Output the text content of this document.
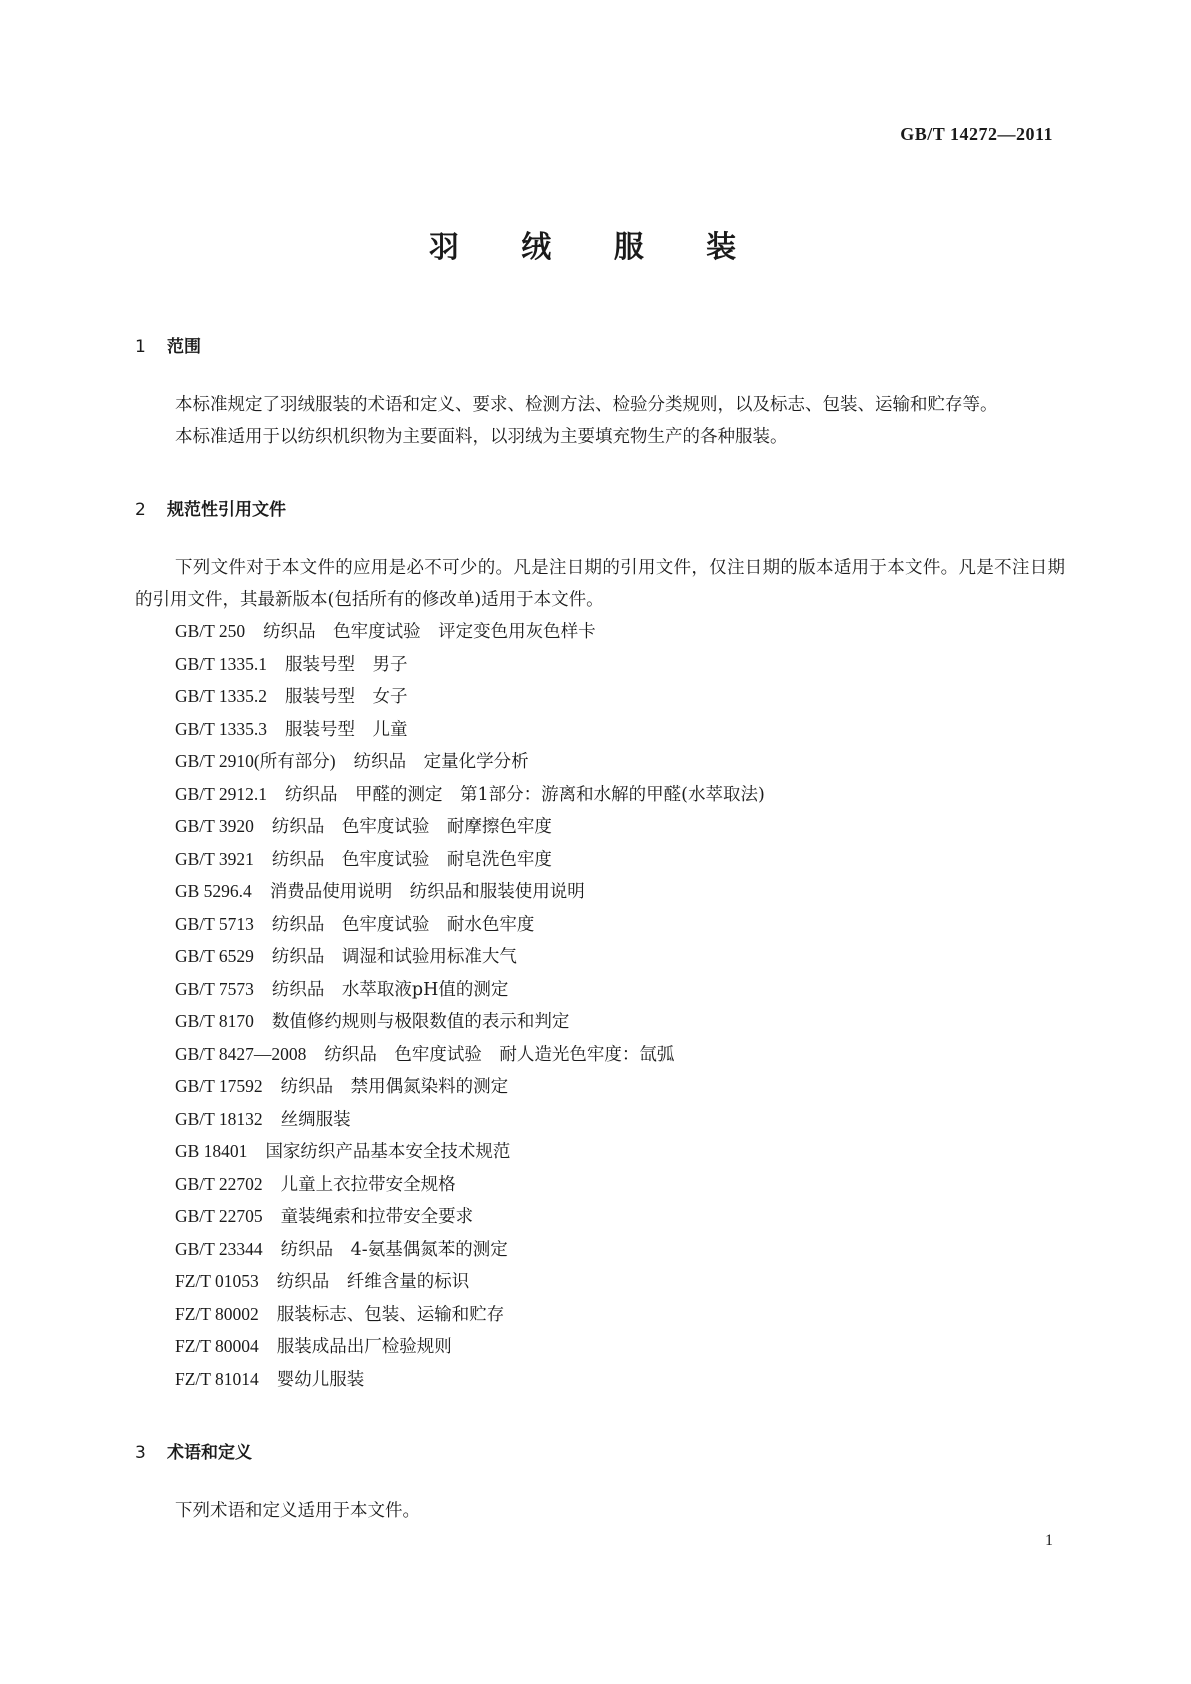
GB/T 14272—2011
羽 绒 服 装
1 范围

本标准规定了羽绒服装的术语和定义、要求、检测方法、检验分类规则，以及标志、包装、运输和贮存等。

本标准适用于以纺织机织物为主要面料，以羽绒为主要填充物生产的各种服装。

2 规范性引用文件

下列文件对于本文件的应用是必不可少的。凡是注日期的引用文件，仅注日期的版本适用于本文件。凡是不注日期的引用文件，其最新版本(包括所有的修改单)适用于本文件。

GB/T 250 纺织品　色牢度试验　评定变色用灰色样卡
GB/T 1335.1 服装号型　男子
GB/T 1335.2 服装号型　女子
GB/T 1335.3 服装号型　儿童
GB/T 2910(所有部分) 纺织品　定量化学分析
GB/T 2912.1 纺织品　甲醛的测定　第1部分：游离和水解的甲醛(水萃取法)
GB/T 3920 纺织品　色牢度试验　耐摩擦色牢度
GB/T 3921 纺织品　色牢度试验　耐皂洗色牢度
GB 5296.4 消费品使用说明　纺织品和服装使用说明
GB/T 5713 纺织品　色牢度试验　耐水色牢度
GB/T 6529 纺织品　调湿和试验用标准大气
GB/T 7573 纺织品　水萃取液pH值的测定
GB/T 8170 数值修约规则与极限数值的表示和判定
GB/T 8427—2008 纺织品　色牢度试验　耐人造光色牢度：氙弧
GB/T 17592 纺织品　禁用偶氮染料的测定
GB/T 18132 丝绸服装
GB 18401 国家纺织产品基本安全技术规范
GB/T 22702 儿童上衣拉带安全规格
GB/T 22705 童装绳索和拉带安全要求
GB/T 23344 纺织品　4-氨基偶氮苯的测定
FZ/T 01053 纺织品　纤维含量的标识
FZ/T 80002 服装标志、包装、运输和贮存
FZ/T 80004 服装成品出厂检验规则
FZ/T 81014 婴幼儿服装
3 术语和定义

下列术语和定义适用于本文件。

1
